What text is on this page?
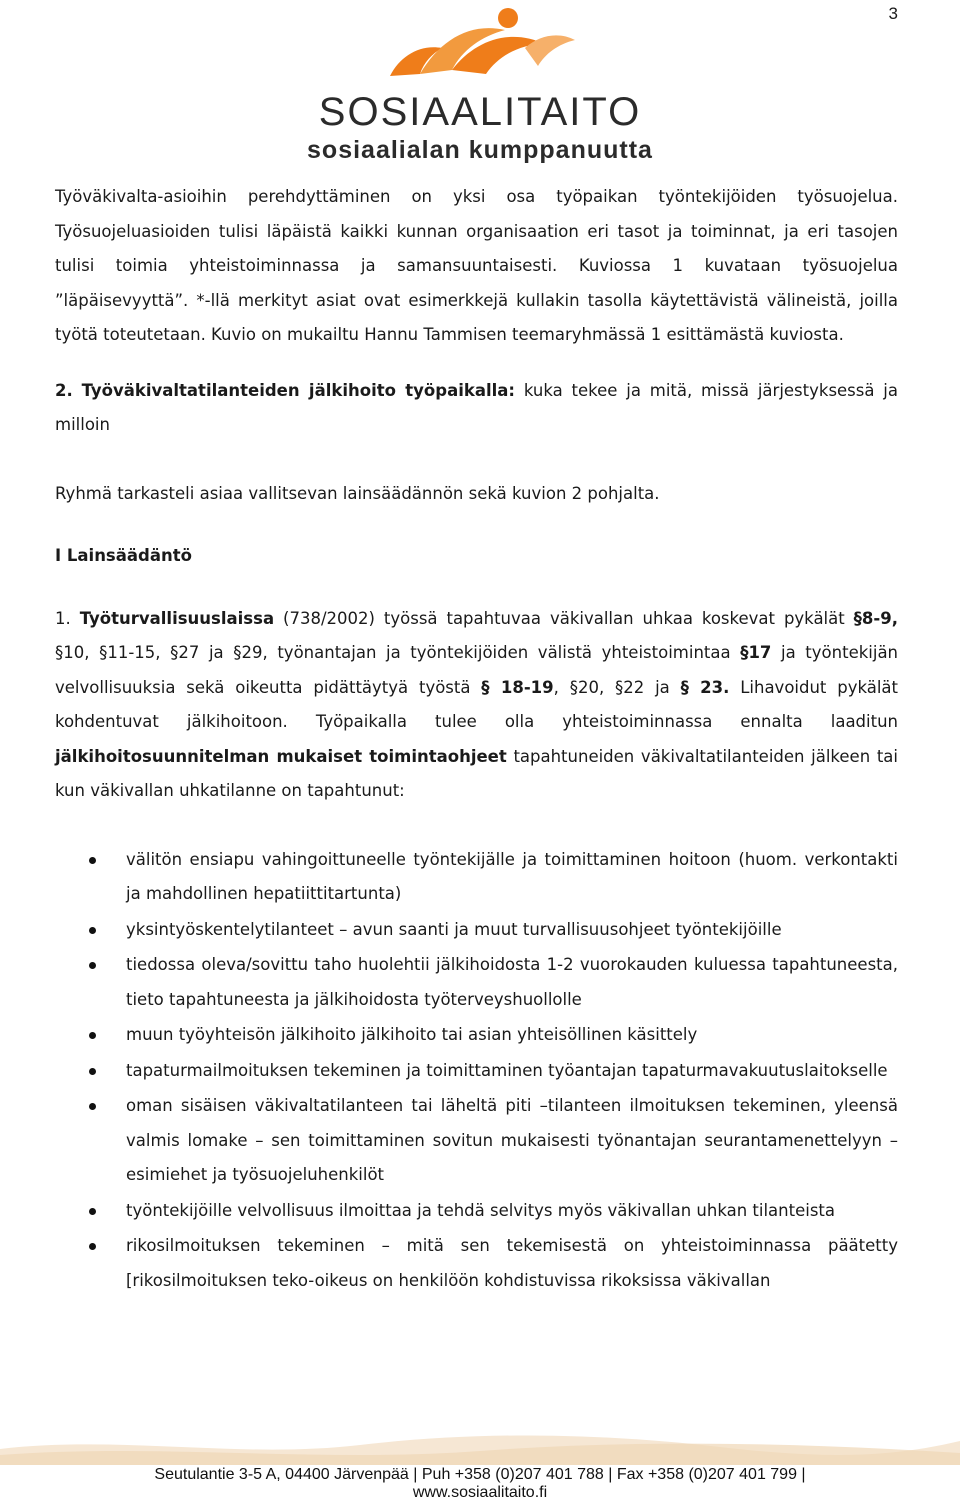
3
SOSIAALITAITO
sosiaalialan kumppanuutta

Työväkivalta-asioihin perehdyttäminen on yksi osa työpaikan työntekijöiden työsuojelua. Työsuojeluasioiden tulisi läpäistä kaikki kunnan organisaation eri tasot ja toiminnat, ja eri tasojen tulisi toimia yhteistoiminnassa ja samansuuntaisesti. Kuviossa 1 kuvataan työsuojelua ”läpäisevyyttä”. *-llä merkityt asiat ovat esimerkkejä kullakin tasolla käytettävistä välineistä, joilla työtä toteutetaan. Kuvio on mukailtu Hannu Tammisen teemaryhmässä 1 esittämästä kuviosta.

2. Työväkivaltatilanteiden jälkihoito työpaikalla: kuka tekee ja mitä, missä järjestyksessä ja milloin

Ryhmä tarkasteli asiaa vallitsevan lainsäädännön sekä kuvion 2 pohjalta.

I Lainsäädäntö

1. Työturvallisuuslaissa (738/2002) työssä tapahtuvaa väkivallan uhkaa koskevat pykälät §8-9, §10, §11-15, §27 ja §29, työnantajan ja työntekijöiden välistä yhteistoimintaa §17 ja työntekijän velvollisuuksia sekä oikeutta pidättäytyä työstä § 18-19, §20, §22 ja § 23. Lihavoidut pykälät kohdentuvat jälkihoitoon. Työpaikalla tulee olla yhteistoiminnassa ennalta laaditun jälkihoitosuunnitelman mukaiset toimintaohjeet tapahtuneiden väkivaltatilanteiden jälkeen tai kun väkivallan uhkatilanne on tapahtunut:

välitön ensiapu vahingoittuneelle työntekijälle ja toimittaminen hoitoon (huom. verkontakti ja mahdollinen hepatiittitartunta)
yksintyöskentelytilanteet – avun saanti ja muut turvallisuusohjeet työntekijöille
tiedossa oleva/sovittu taho huolehtii jälkihoidosta 1-2 vuorokauden kuluessa tapahtuneesta, tieto tapahtuneesta ja jälkihoidosta työterveyshuollolle
muun työyhteisön jälkihoito jälkihoito tai asian yhteisöllinen käsittely
tapaturmailmoituksen tekeminen ja toimittaminen työantajan tapaturmavakuutuslaitokselle
oman sisäisen väkivaltatilanteen tai läheltä piti –tilanteen ilmoituksen tekeminen, yleensä valmis lomake – sen toimittaminen sovitun mukaisesti työnantajan seurantamenettelyyn – esimiehet ja työsuojeluhenkilöt
työntekijöille velvollisuus ilmoittaa ja tehdä selvitys myös väkivallan uhkan tilanteista
rikosilmoituksen tekeminen – mitä sen tekemisestä on yhteistoiminnassa päätetty [rikosilmoituksen teko-oikeus on henkilöön kohdistuvissa rikoksissa väkivallan
Seutulantie 3-5 A, 04400 Järvenpää | Puh +358 (0)207 401 788 | Fax +358 (0)207 401 799 |
www.sosiaalitaito.fi
